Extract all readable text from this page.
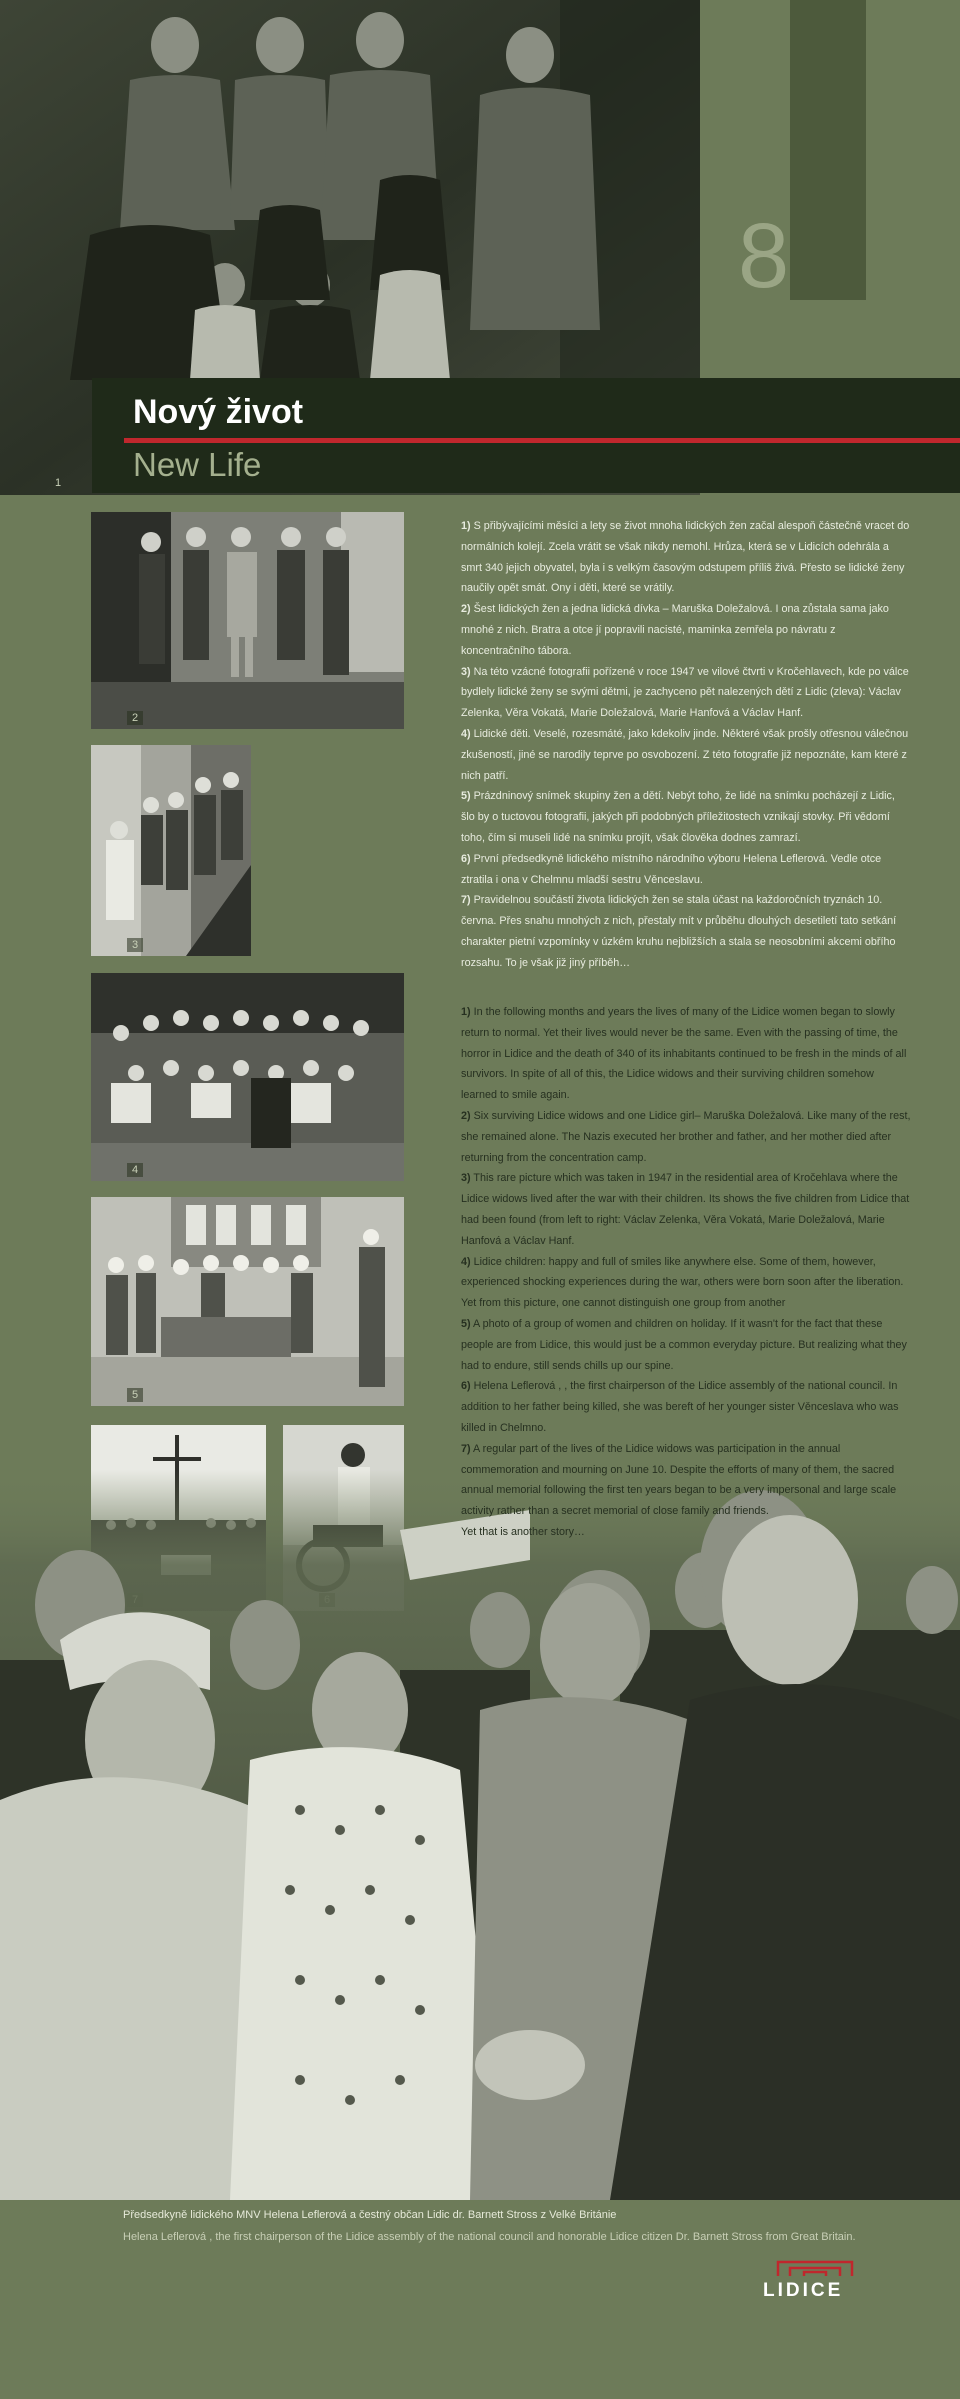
1
8
Nový život
New Life
2
3
4
5

1) S přibývajícími měsíci a lety se život mnoha lidických žen začal alespoň částečně vracet do normálních kolejí. Zcela vrátit se však nikdy nemohl. Hrůza, která se v Lidicích odehrála a smrt 340 jejich obyvatel, byla i s velkým časovým odstupem příliš živá. Přesto se lidické ženy naučily opět smát. Ony i děti, které se vrátily.

2) Šest lidických žen a jedna lidická dívka – Maruška Doležalová. I ona zůstala sama jako mnohé z nich. Bratra a otce jí popravili nacisté, maminka zemřela po návratu z koncentračního tábora.

3) Na této vzácné fotografii pořízené v roce 1947 ve vilové čtvrti v Kročehlavech, kde po válce bydlely lidické ženy se svými dětmi, je zachyceno pět nalezených dětí z Lidic (zleva): Václav Zelenka, Věra Vokatá, Marie Doležalová, Marie Hanfová a Václav Hanf.

4) Lidické děti. Veselé, rozesmáté, jako kdekoliv jinde. Některé však prošly otřesnou válečnou zkušeností, jiné se narodily teprve po osvobození. Z této fotografie již nepoznáte, kam které z nich patří.

5) Prázdninový snímek skupiny žen a dětí. Nebýt toho, že lidé na snímku pocházejí z Lidic, šlo by o tuctovou fotografii, jakých při podobných příležitostech vznikají stovky. Při vědomí toho, čím si museli lidé na snímku projít, však člověka dodnes zamrazí.

6) První předsedkyně lidického místního národního výboru Helena Leflerová. Vedle otce ztratila i ona v Chelmnu mladší sestru Věnceslavu.

7) Pravidelnou součástí života lidických žen se stala účast na každoročních tryznách 10. června. Přes snahu mnohých z nich, přestaly mít v průběhu dlouhých desetiletí tato setkání charakter pietní vzpomínky v úzkém kruhu nejbližších a stala se neosobními akcemi obřího rozsahu. To je však již jiný příběh…

1) In the following months and years the lives of many of the Lidice women began to slowly return to normal. Yet their lives would never be the same. Even with the passing of time, the horror in Lidice and the death of 340 of its inhabitants continued to be fresh in the minds of all survivors. In spite of all of this, the Lidice widows and their surviving children somehow learned to smile again.

2) Six surviving Lidice widows and one Lidice girl– Maruška Doležalová. Like many of the rest, she remained alone. The Nazis executed her brother and father, and her mother died after returning from the concentration camp.

3) This rare picture which was taken in 1947 in the residential area of Kročehlava where the Lidice widows lived after the war with their children. Its shows the five children from Lidice that had been found (from left to right: Václav Zelenka, Věra Vokatá, Marie Doležalová, Marie Hanfová a Václav Hanf.

4) Lidice children: happy and full of smiles like anywhere else. Some of them, however, experienced shocking experiences during the war, others were born soon after the liberation. Yet from this picture, one cannot distinguish one group from another

5) A photo of a group of women and children on holiday. If it wasn't for the fact that these people are from Lidice, this would just be a common everyday picture. But realizing what they had to endure, still sends chills up our spine.

6) Helena Leflerová , , the first chairperson of the Lidice assembly of the national council. In addition to her father being killed, she was bereft of her younger sister Věnceslava who was killed in Chelmno.

7) A regular part of the lives of the Lidice widows was participation in the annual commemoration and mourning on June 10. Despite the efforts of many of them, the sacred annual memorial following the first ten years began to be a very impersonal and large scale activity rather than a secret memorial of close family and friends.

Yet that is another story…

Předsedkyně lidického MNV Helena Leflerová a čestný občan Lidic dr. Barnett Stross z Velké Británie
Helena Leflerová , the first chairperson of the Lidice assembly of the national council and honorable Lidice citizen Dr. Barnett Stross from Great Britain.
LIDICE
